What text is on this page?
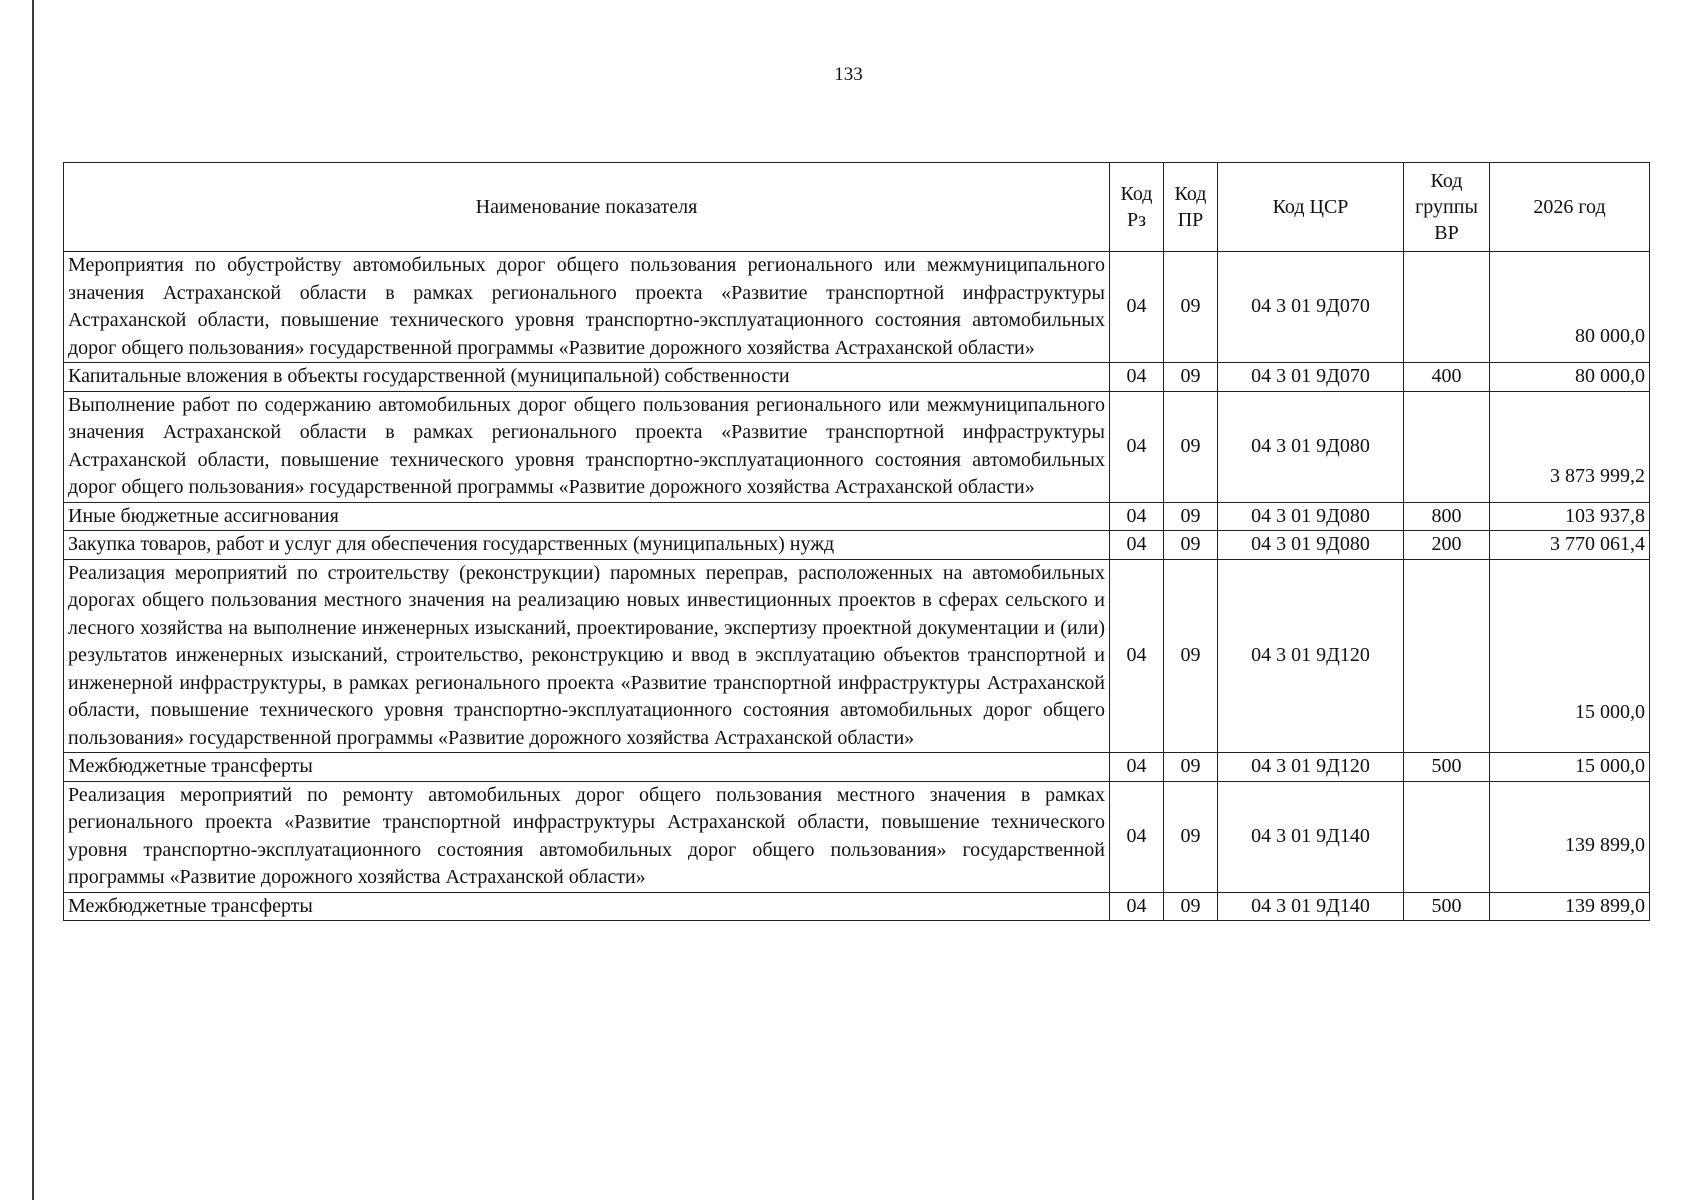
133
Наименование показателя	Код Рз	Код ПР	Код ЦСР	Код группы ВР	2026 год
Мероприятия по обустройству автомобильных дорог общего пользования регионального или межмуниципального значения Астраханской области в рамках регионального проекта «Развитие транспортной инфраструктуры Астраханской области, повышение технического уровня транспортно-эксплуатационного состояния автомобильных дорог общего пользования» государственной программы «Развитие дорожного хозяйства Астраханской области»	04	09	04 3 01 9Д070		80 000,0
Капитальные вложения в объекты государственной (муниципальной) собственности	04	09	04 3 01 9Д070	400	80 000,0
Выполнение работ по содержанию автомобильных дорог общего пользования регионального или межмуниципального значения Астраханской области в рамках регионального проекта «Развитие транспортной инфраструктуры Астраханской области, повышение технического уровня транспортно-эксплуатационного состояния автомобильных дорог общего пользования» государственной программы «Развитие дорожного хозяйства Астраханской области»	04	09	04 3 01 9Д080		3 873 999,2
Иные бюджетные ассигнования	04	09	04 3 01 9Д080	800	103 937,8
Закупка товаров, работ и услуг для обеспечения государственных (муниципальных) нужд	04	09	04 3 01 9Д080	200	3 770 061,4
Реализация мероприятий по строительству (реконструкции) паромных переправ, расположенных на автомобильных дорогах общего пользования местного значения на реализацию новых инвестиционных проектов в сферах сельского и лесного хозяйства на выполнение инженерных изысканий, проектирование, экспертизу проектной документации и (или) результатов инженерных изысканий, строительство, реконструкцию и ввод в эксплуатацию объектов транспортной и инженерной инфраструктуры, в рамках регионального проекта «Развитие транспортной инфраструктуры Астраханской области, повышение технического уровня транспортно-эксплуатационного состояния автомобильных дорог общего пользования» государственной программы «Развитие дорожного хозяйства Астраханской области»	04	09	04 3 01 9Д120		15 000,0
Межбюджетные трансферты	04	09	04 3 01 9Д120	500	15 000,0
Реализация мероприятий по ремонту автомобильных дорог общего пользования местного значения в рамках регионального проекта «Развитие транспортной инфраструктуры Астраханской области, повышение технического уровня транспортно-эксплуатационного состояния автомобильных дорог общего пользования» государственной программы «Развитие дорожного хозяйства Астраханской области»	04	09	04 3 01 9Д140		139 899,0
Межбюджетные трансферты	04	09	04 3 01 9Д140	500	139 899,0
